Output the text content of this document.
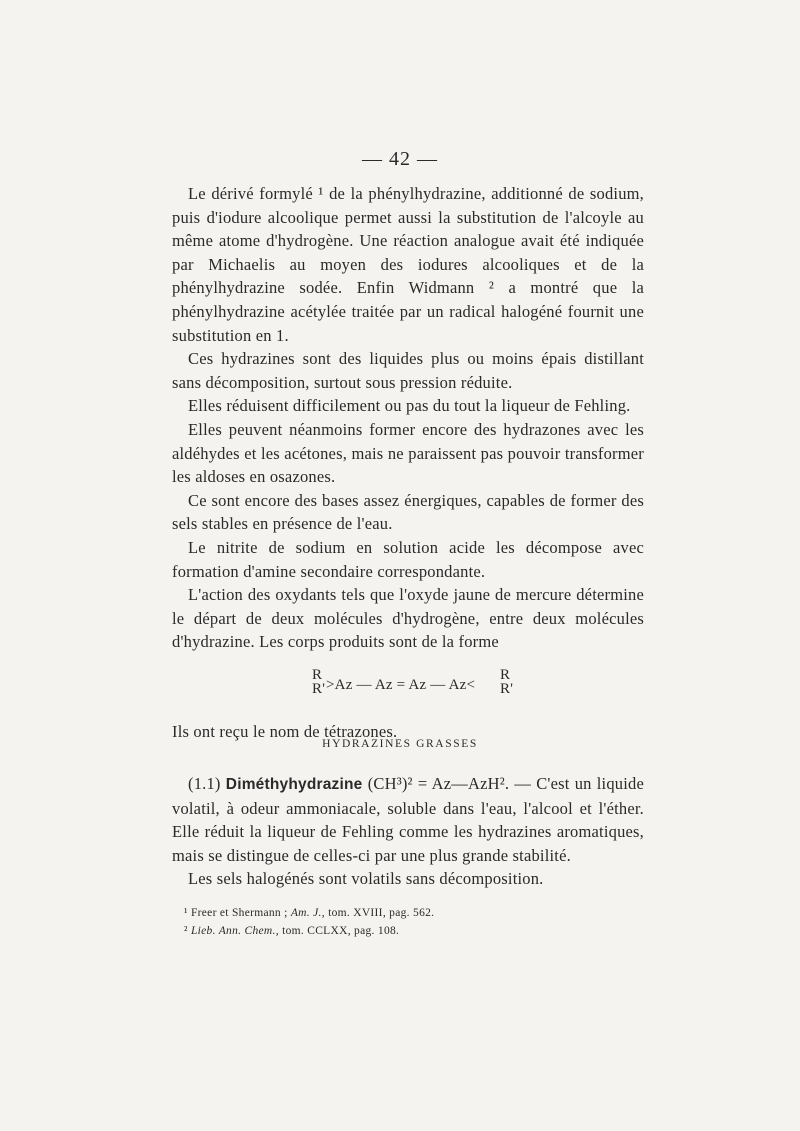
— 42 —

Le dérivé formylé ¹ de la phénylhydrazine, additionné de sodium, puis d'iodure alcoolique permet aussi la substitution de l'alcoyle au même atome d'hydrogène. Une réaction analogue avait été indiquée par Michaelis au moyen des iodures alcooliques et de la phénylhydrazine sodée. Enfin Widmann ² a montré que la phénylhydrazine acétylée traitée par un radical halogéné fournit une substitution en 1.

Ces hydrazines sont des liquides plus ou moins épais distillant sans décomposition, surtout sous pression réduite.

Elles réduisent difficilement ou pas du tout la liqueur de Fehling.

Elles peuvent néanmoins former encore des hydrazones avec les aldéhydes et les acétones, mais ne paraissent pas pouvoir transformer les aldoses en osazones.

Ce sont encore des bases assez énergiques, capables de former des sels stables en présence de l'eau.

Le nitrite de sodium en solution acide les décompose avec formation d'amine secondaire correspondante.

L'action des oxydants tels que l'oxyde jaune de mercure détermine le départ de deux molécules d'hydrogène, entre deux molécules d'hydrazine. Les corps produits sont de la forme

R
R' >Az — Az = Az — Az<
R
R'

Ils ont reçu le nom de tétrazones.

HYDRAZINES GRASSES

(1.1) Diméthyhydrazine (CH³)² = Az—AzH². — C'est un liquide volatil, à odeur ammoniacale, soluble dans l'eau, l'alcool et l'éther. Elle réduit la liqueur de Fehling comme les hydrazines aromatiques, mais se distingue de celles-ci par une plus grande stabilité.

Les sels halogénés sont volatils sans décomposition.

¹ Freer et Shermann ; Am. J., tom. XVIII, pag. 562.

² Lieb. Ann. Chem., tom. CCLXX, pag. 108.
